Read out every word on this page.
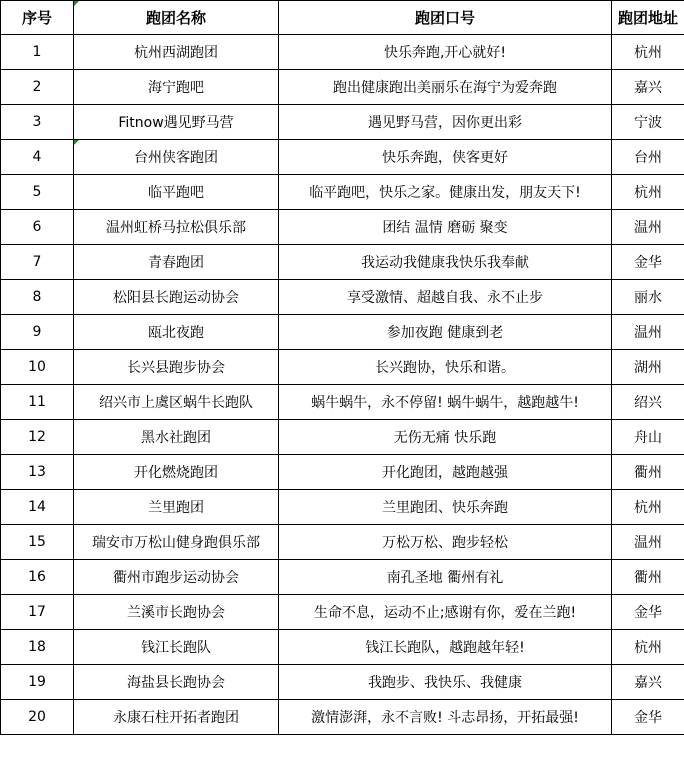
序号	跑团名称	跑团口号	跑团地址
1	杭州西湖跑团	快乐奔跑,开心就好!	杭州
2	海宁跑吧	跑出健康跑出美丽乐在海宁为爱奔跑	嘉兴
3	Fitnow遇见野马营	遇见野马营，因你更出彩	宁波
4	台州侠客跑团	快乐奔跑，侠客更好	台州
5	临平跑吧	临平跑吧，快乐之家。健康出发，朋友天下!	杭州
6	温州虹桥马拉松俱乐部	团结 温情 磨砺 聚变	温州
7	青春跑团	我运动我健康我快乐我奉献	金华
8	松阳县长跑运动协会	享受激情、超越自我、永不止步	丽水
9	瓯北夜跑	参加夜跑 健康到老	温州
10	长兴县跑步协会	长兴跑协，快乐和谐。	湖州
11	绍兴市上虞区蜗牛长跑队	蜗牛蜗牛，永不停留! 蜗牛蜗牛，越跑越牛!	绍兴
12	黑水社跑团	无伤无痛 快乐跑	舟山
13	开化燃烧跑团	开化跑团，越跑越强	衢州
14	兰里跑团	兰里跑团、快乐奔跑	杭州
15	瑞安市万松山健身跑俱乐部	万松万松、跑步轻松	温州
16	衢州市跑步运动协会	南孔圣地 衢州有礼	衢州
17	兰溪市长跑协会	生命不息，运动不止;感谢有你，爱在兰跑!	金华
18	钱江长跑队	钱江长跑队，越跑越年轻!	杭州
19	海盐县长跑协会	我跑步、我快乐、我健康	嘉兴
20	永康石柱开拓者跑团	激情澎湃，永不言败! 斗志昂扬，开拓最强!	金华
